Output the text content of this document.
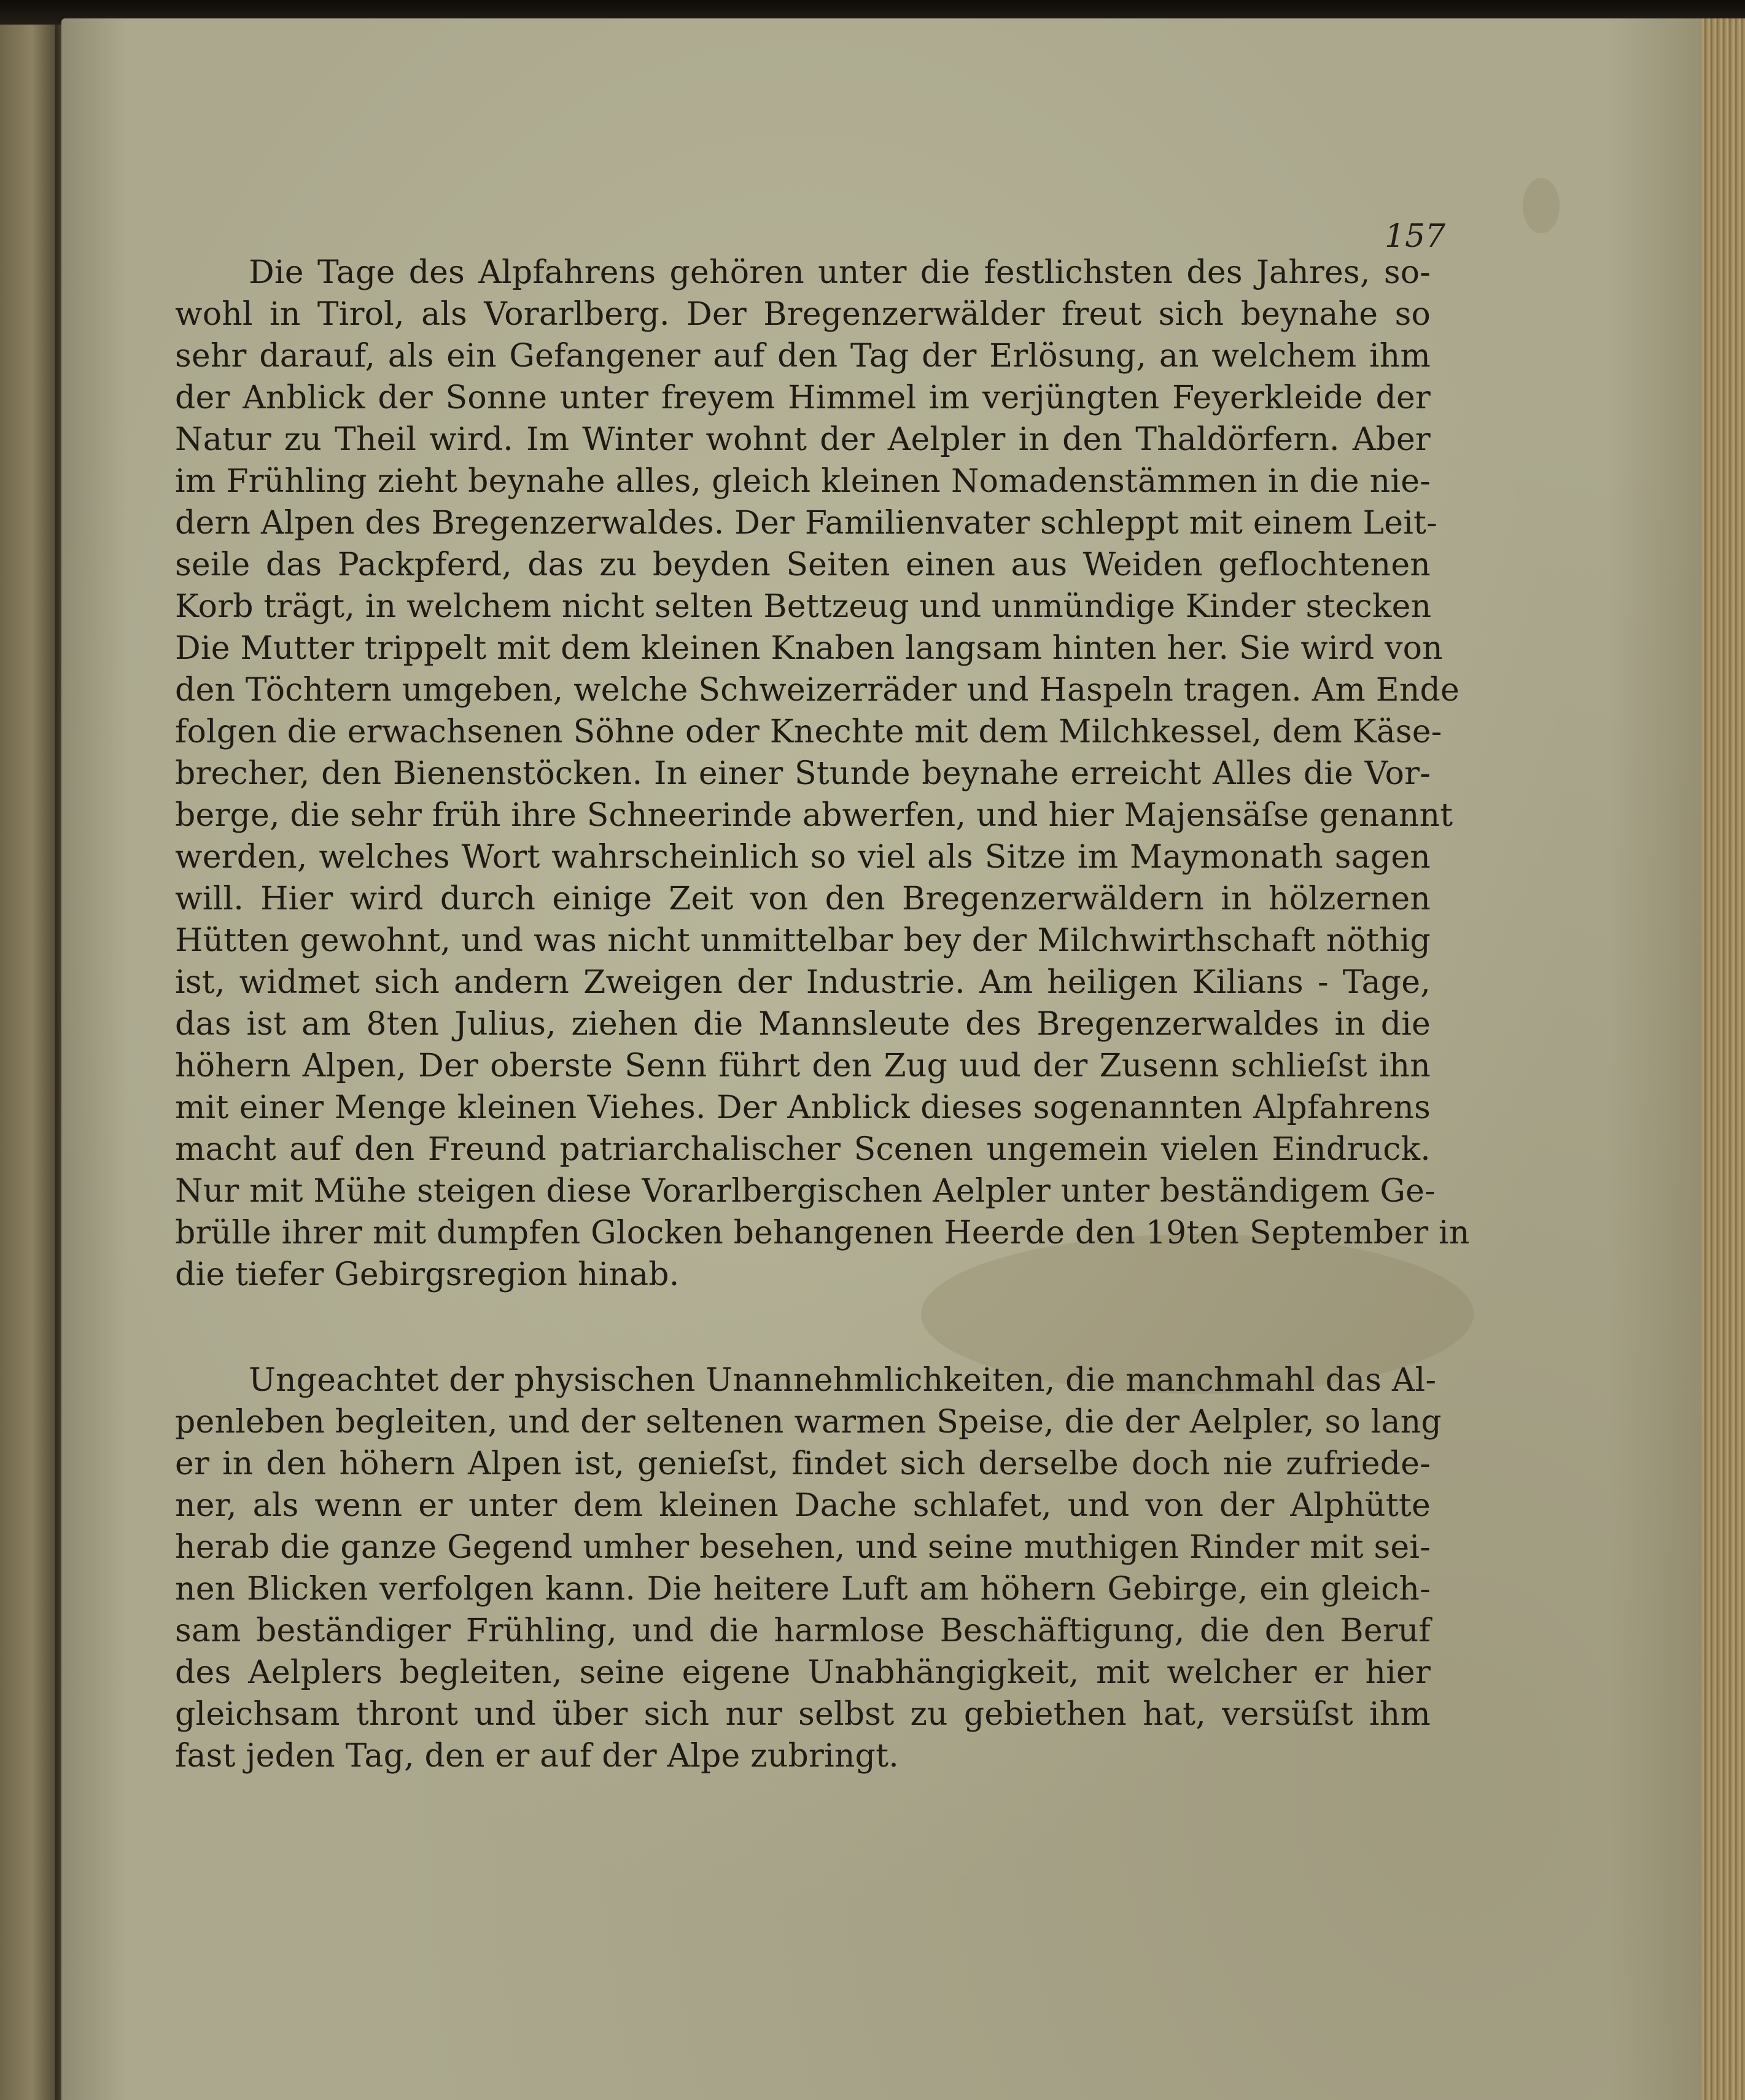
157
Die Tage des Alpfahrens gehören unter die festlichsten des Jahres, so-
wohl in Tirol, als Vorarlberg. Der Bregenzerwälder freut sich beynahe so
sehr darauf, als ein Gefangener auf den Tag der Erlösung, an welchem ihm
der Anblick der Sonne unter freyem Himmel im verjüngten Feyerkleide der
Natur zu Theil wird. Im Winter wohnt der Aelpler in den Thaldörfern. Aber
im Frühling zieht beynahe alles, gleich kleinen Nomadenstämmen in die nie-
dern Alpen des Bregenzerwaldes. Der Familienvater schleppt mit einem Leit-
seile das Packpferd, das zu beyden Seiten einen aus Weiden geflochtenen
Korb trägt, in welchem nicht selten Bettzeug und unmündige Kinder stecken
Die Mutter trippelt mit dem kleinen Knaben langsam hinten her. Sie wird von
den Töchtern umgeben, welche Schweizerräder und Haspeln tragen. Am Ende
folgen die erwachsenen Söhne oder Knechte mit dem Milchkessel, dem Käse-
brecher, den Bienenstöcken. In einer Stunde beynahe erreicht Alles die Vor-
berge, die sehr früh ihre Schneerinde abwerfen, und hier Majensäſse genannt
werden, welches Wort wahrscheinlich so viel als Sitze im Maymonath sagen
will. Hier wird durch einige Zeit von den Bregenzerwäldern in hölzernen
Hütten gewohnt, und was nicht unmittelbar bey der Milchwirthschaft nöthig
ist, widmet sich andern Zweigen der Industrie. Am heiligen Kilians - Tage,
das ist am 8ten Julius, ziehen die Mannsleute des Bregenzerwaldes in die
höhern Alpen, Der oberste Senn führt den Zug uud der Zusenn schlieſst ihn
mit einer Menge kleinen Viehes. Der Anblick dieses sogenannten Alpfahrens
macht auf den Freund patriarchalischer Scenen ungemein vielen Eindruck.
Nur mit Mühe steigen diese Vorarlbergischen Aelpler unter beständigem Ge-
brülle ihrer mit dumpfen Glocken behangenen Heerde den 19ten September in
die tiefer Gebirgsregion hinab.
Ungeachtet der physischen Unannehmlichkeiten, die manchmahl das Al-
penleben begleiten, und der seltenen warmen Speise, die der Aelpler, so lang
er in den höhern Alpen ist, genieſst, findet sich derselbe doch nie zufriede-
ner, als wenn er unter dem kleinen Dache schlafet, und von der Alphütte
herab die ganze Gegend umher besehen, und seine muthigen Rinder mit sei-
nen Blicken verfolgen kann. Die heitere Luft am höhern Gebirge, ein gleich-
sam beständiger Frühling, und die harmlose Beschäftigung, die den Beruf
des Aelplers begleiten, seine eigene Unabhängigkeit, mit welcher er hier
gleichsam thront und über sich nur selbst zu gebiethen hat, versüſst ihm
fast jeden Tag, den er auf der Alpe zubringt.
